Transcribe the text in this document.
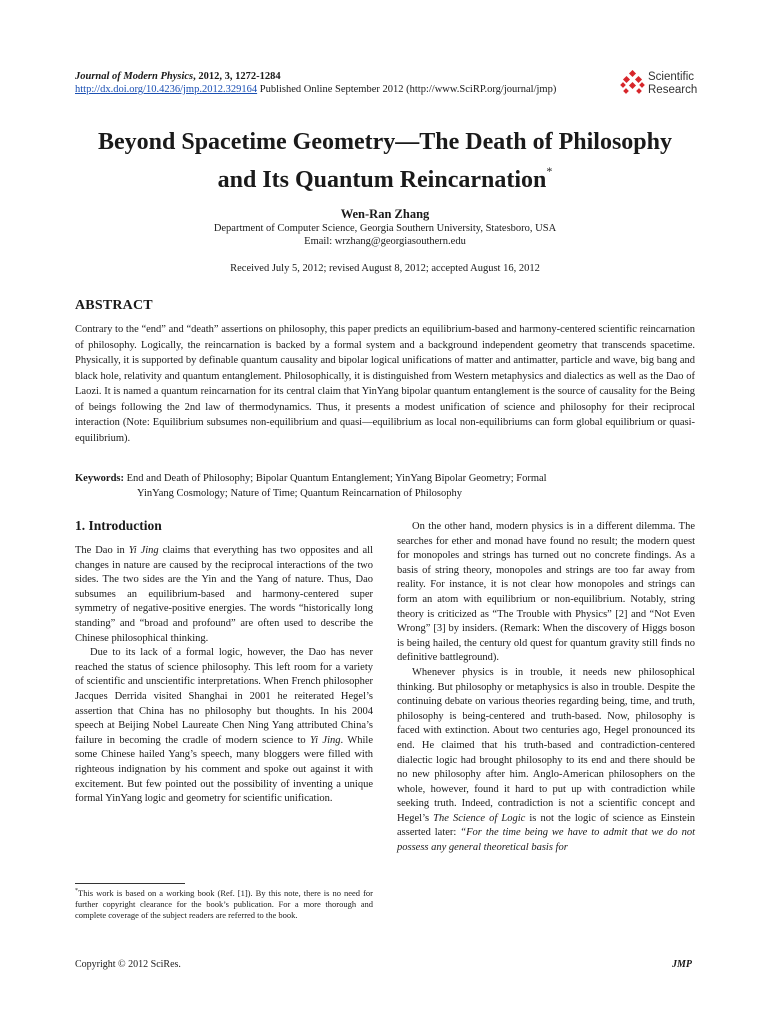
Journal of Modern Physics, 2012, 3, 1272-1284
http://dx.doi.org/10.4236/jmp.2012.329164 Published Online September 2012 (http://www.SciRP.org/journal/jmp)
Scientific
Research
Beyond Spacetime Geometry—The Death of Philosophy
and Its Quantum Reincarnation*
Wen-Ran Zhang
Department of Computer Science, Georgia Southern University, Statesboro, USA
Email: wrzhang@georgiasouthern.edu
Received July 5, 2012; revised August 8, 2012; accepted August 16, 2012
ABSTRACT
Contrary to the “end” and “death” assertions on philosophy, this paper predicts an equilibrium-based and harmony-centered scientific reincarnation of philosophy. Logically, the reincarnation is backed by a formal system and a background independent geometry that transcends spacetime. Physically, it is supported by definable quantum causality and bipolar logical unifications of matter and antimatter, particle and wave, big bang and black hole, relativity and quantum entanglement. Philosophically, it is distinguished from Western metaphysics and dialectics as well as the Dao of Laozi. It is named a quantum reincarnation for its central claim that YinYang bipolar quantum entanglement is the source of causality for the Being of beings following the 2nd law of thermodynamics. Thus, it presents a modest unification of science and philosophy for their reciprocal interaction (Note: Equilibrium subsumes non-equilibrium and quasi—equilibrium as local non-equilibriums can form global equilibrium or quasi-equilibrium).
Keywords:
End and Death of Philosophy; Bipolar Quantum Entanglement; YinYang Bipolar Geometry; Formal
YinYang Cosmology; Nature of Time; Quantum Reincarnation of Philosophy
1. Introduction

The Dao in Yi Jing claims that everything has two opposites and all changes in nature are caused by the reciprocal interactions of the two sides. The two sides are the Yin and the Yang of nature. Thus, Dao subsumes an equilibrium-based and harmony-centered super symmetry of negative-positive energies. The words “historically long standing” and “broad and profound” are often used to describe the Chinese philosophical thinking.

Due to its lack of a formal logic, however, the Dao has never reached the status of science philosophy. This left room for a variety of scientific and unscientific interpretations. When French philosopher Jacques Derrida visited Shanghai in 2001 he reiterated Hegel’s assertion that China has no philosophy but thoughts. In his 2004 speech at Beijing Nobel Laureate Chen Ning Yang attributed China’s failure in becoming the cradle of modern science to Yi Jing. While some Chinese hailed Yang’s speech, many bloggers were filled with righteous indignation by his comment and spoke out against it with excitement. But few pointed out the possibility of inventing a unique formal YinYang logic and geometry for scientific unification.

*This work is based on a working book (Ref. [1]). By this note, there is no need for further copyright clearance for the book’s publication. For a more thorough and complete coverage of the subject readers are referred to the book.

On the other hand, modern physics is in a different dilemma. The searches for ether and monad have found no result; the modern quest for monopoles and strings has turned out no concrete findings. As a basis of string theory, monopoles and strings are too far away from reality. For instance, it is not clear how monopoles and strings can form an atom with equilibrium or non-equilibrium. Notably, string theory is criticized as “The Trouble with Physics” [2] and “Not Even Wrong” [3] by insiders. (Remark: When the discovery of Higgs boson is being hailed, the century old quest for quantum gravity still finds no definitive battleground).

Whenever physics is in trouble, it needs new philosophical thinking. But philosophy or metaphysics is also in trouble. Despite the continuing debate on various theories regarding being, time, and truth, philosophy is being-centered and truth-based. Now, philosophy is faced with extinction. About two centuries ago, Hegel pronounced its end. He claimed that his truth-based and contradiction-centered dialectic logic had brought philosophy to its end and there should be no new philosophy after him. Anglo-American philosophers on the whole, however, found it hard to put up with contradiction while seeking truth. Indeed, contradiction is not a scientific concept and Hegel’s The Science of Logic is not the logic of science as Einstein asserted later: “For the time being we have to admit that we do not possess any general theoretical basis for

Copyright © 2012 SciRes.	JMP
